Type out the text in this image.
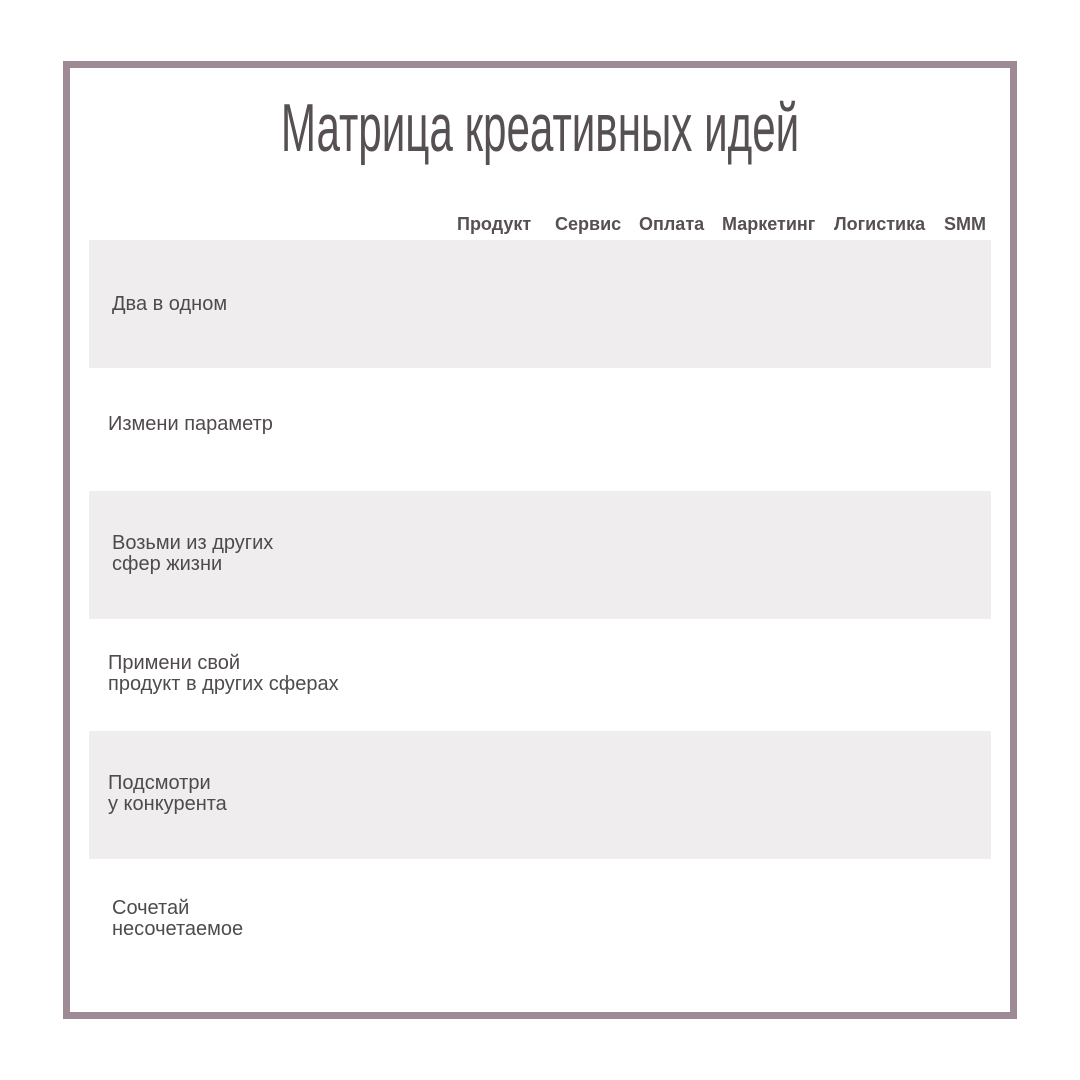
Матрица креативных идей
Продукт Сервис Оплата Маркетинг Логистика SMM
Два в одном
Измени параметр
Возьми из других
сфер жизни
Примени свой
продукт в других сферах
Подсмотри
у конкурента
Сочетай
несочетаемое
